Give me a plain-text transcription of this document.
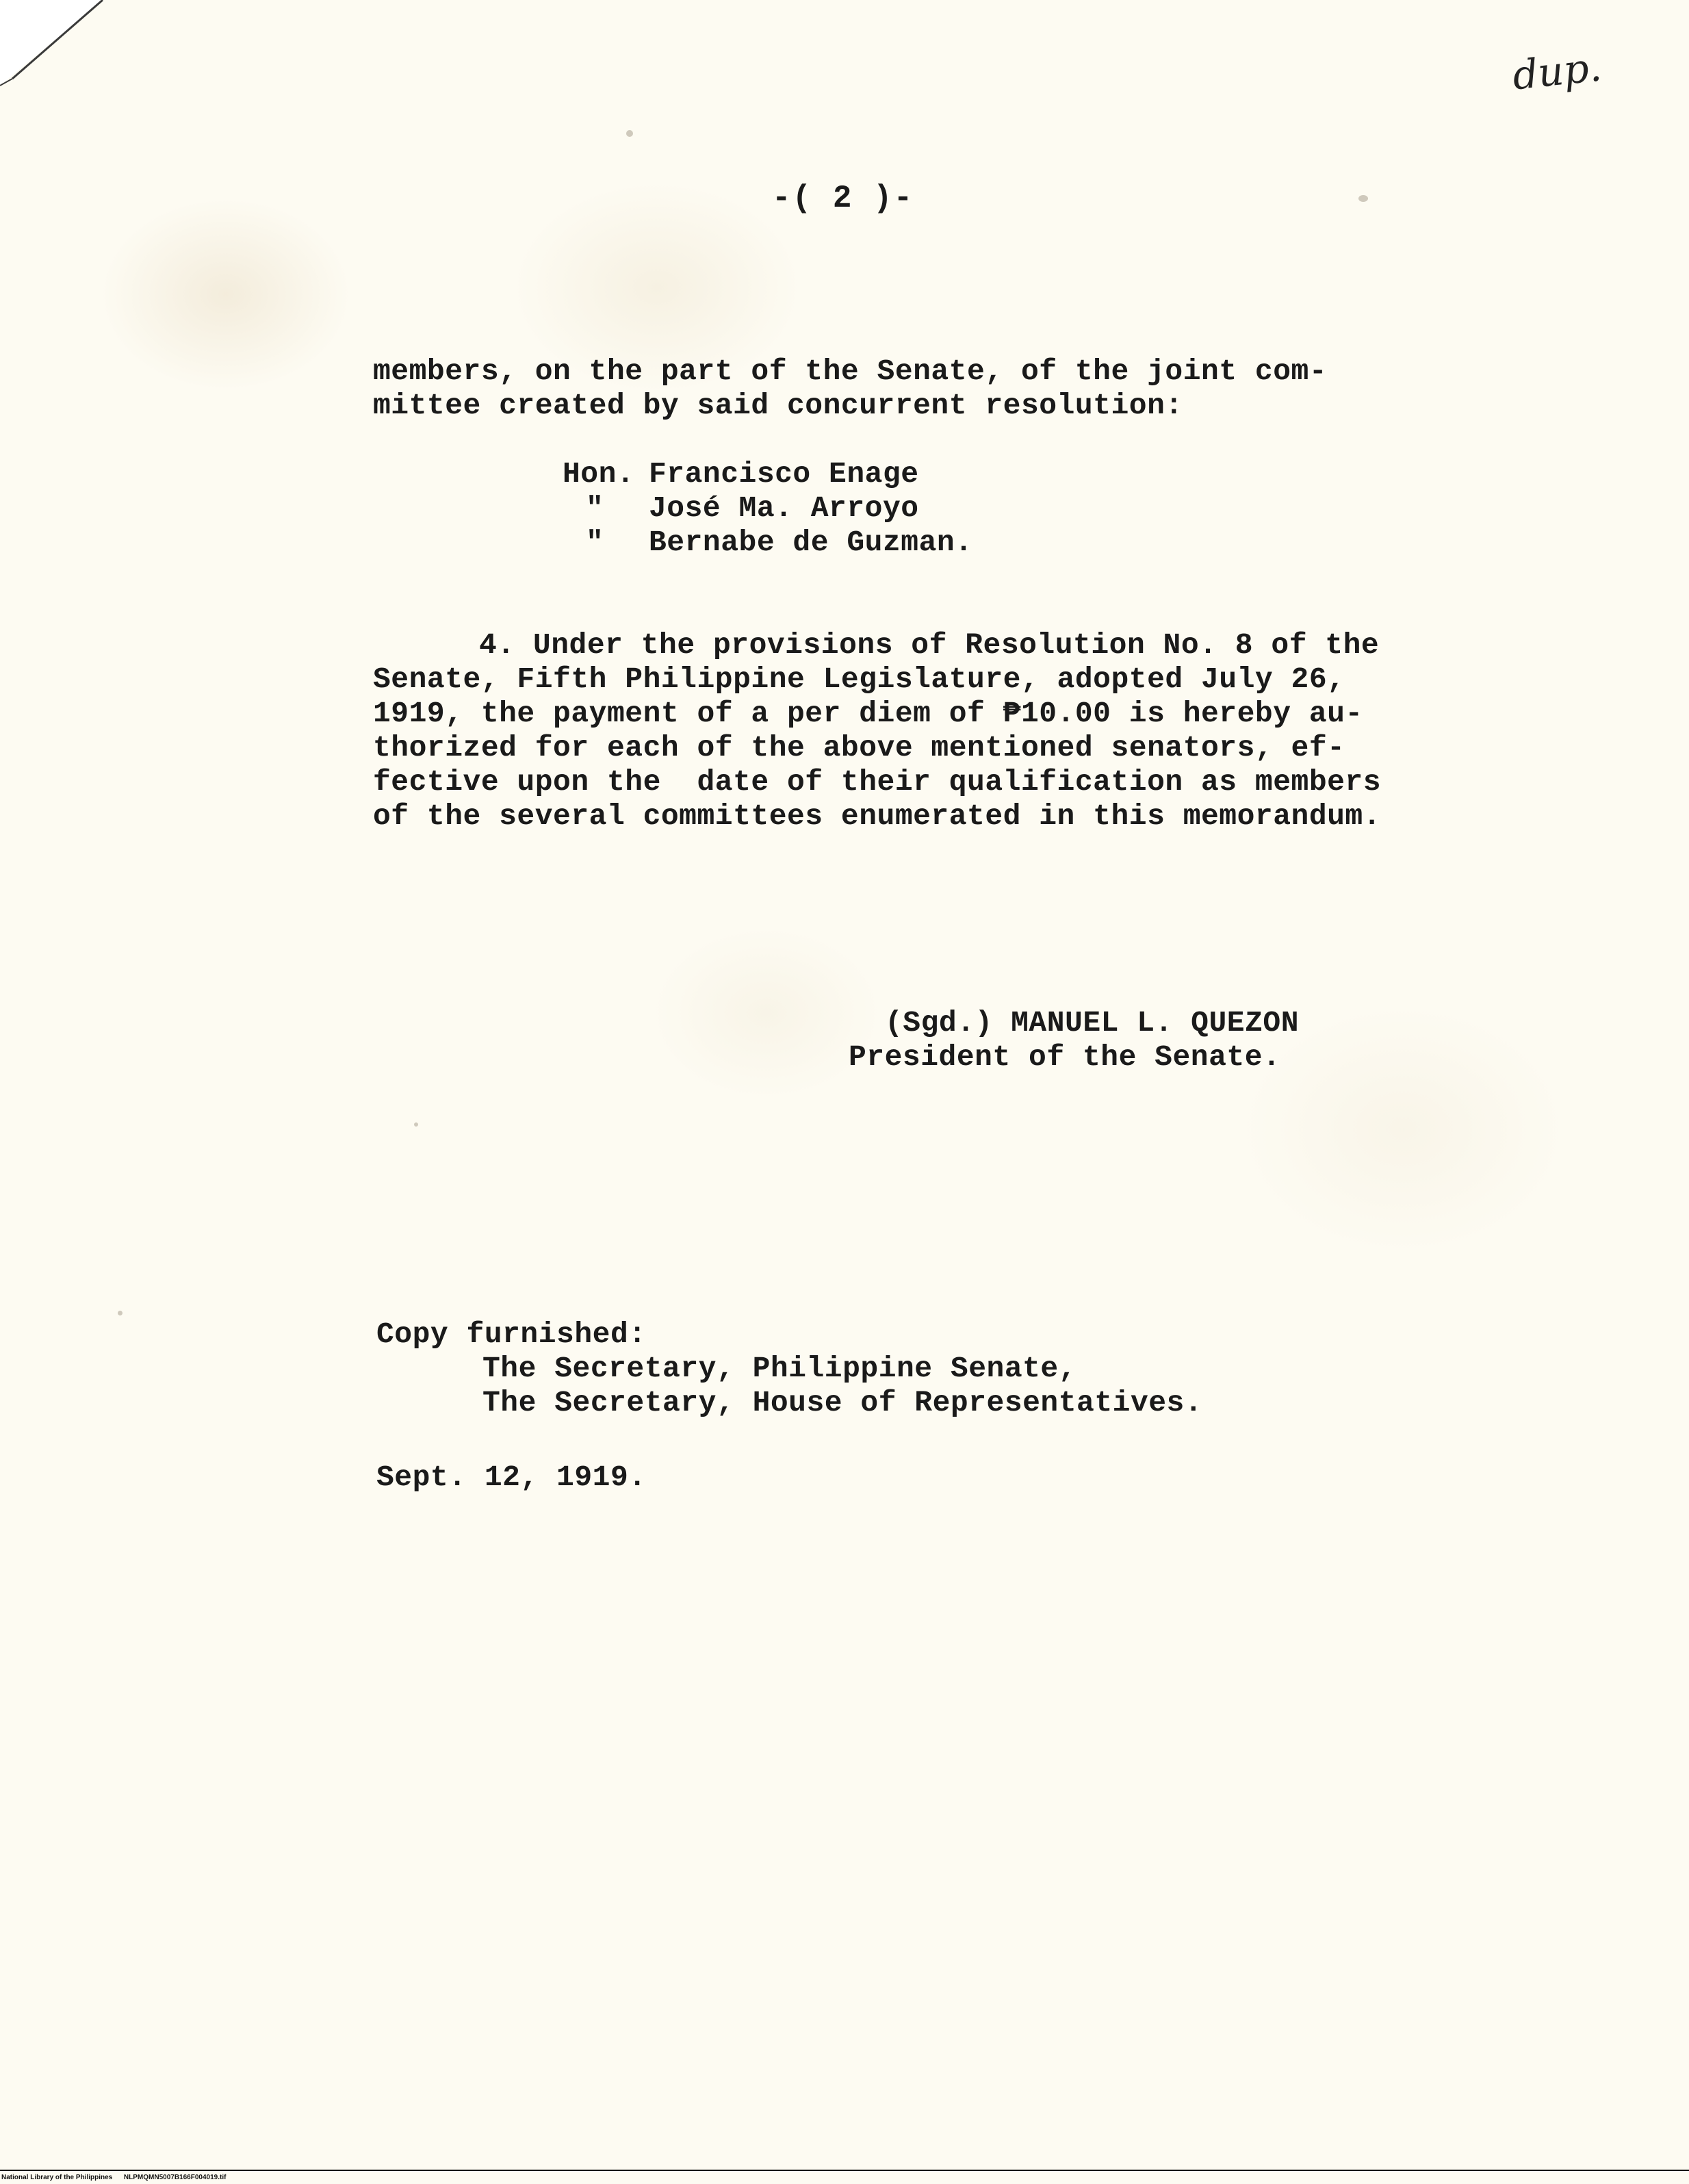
dup.
-( 2 )-
members, on the part of the Senate, of the joint com-
mittee created by said concurrent resolution:
Hon. Francisco Enage
" José Ma. Arroyo
" Bernabe de Guzman.
4. Under the provisions of Resolution No. 8 of the
Senate, Fifth Philippine Legislature, adopted July 26,
1919, the payment of a per diem of ₱10.00 is hereby au-
thorized for each of the above mentioned senators, ef-
fective upon the  date of their qualification as members
of the several committees enumerated in this memorandum.
(Sgd.) MANUEL L. QUEZON
President of the Senate.
Copy furnished:
The Secretary, Philippine Senate,
The Secretary, House of Representatives.
Sept. 12, 1919.
National Library of the Philippines NLPMQMN5007B166F004019.tif
